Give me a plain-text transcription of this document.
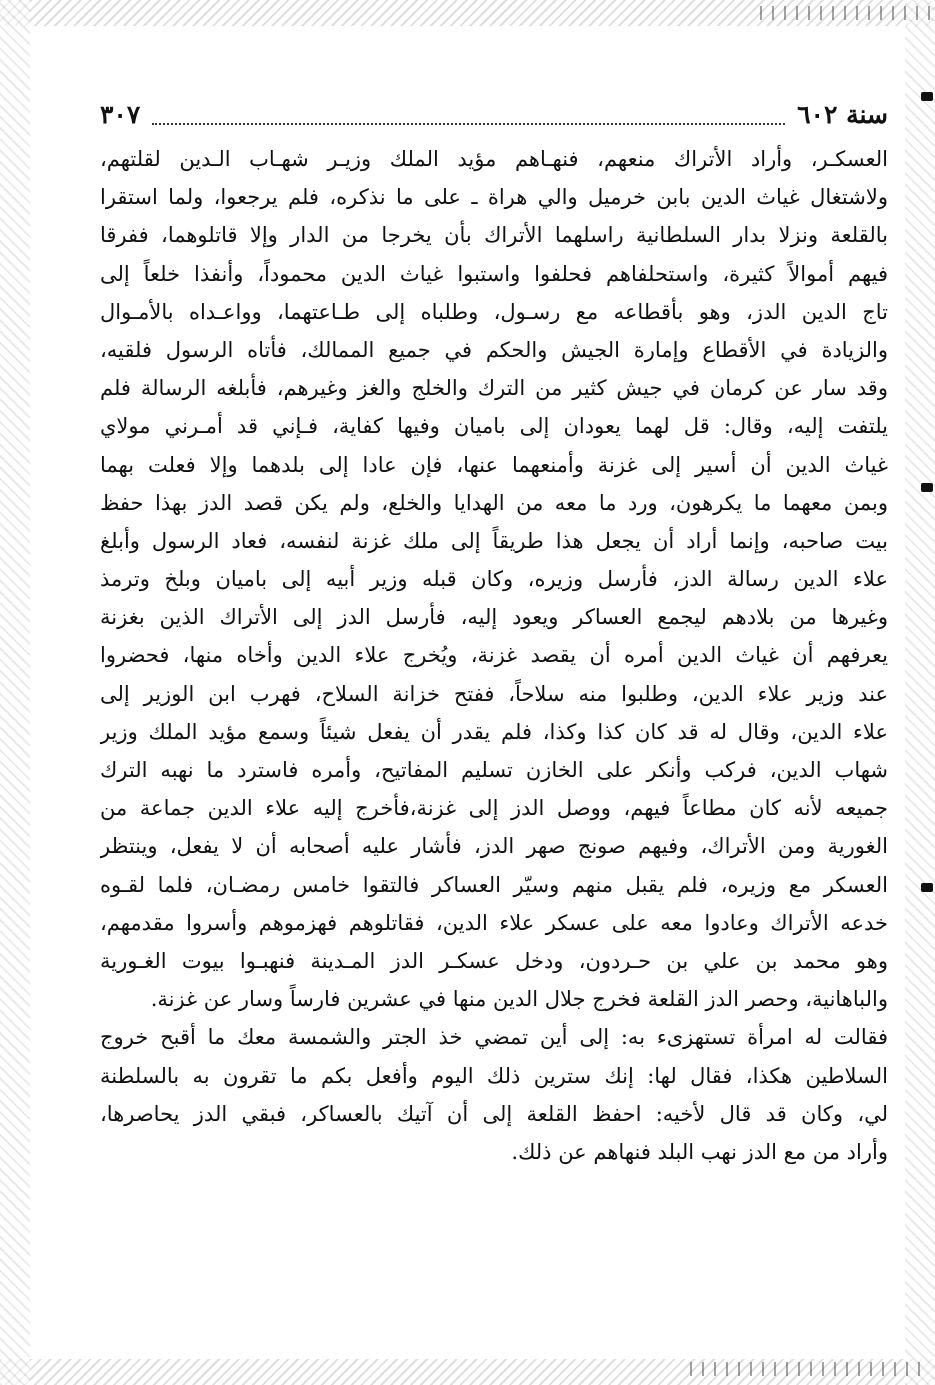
سنة ٦٠٢
٣٠٧
العسكـر، وأراد الأتراك منعهم، فنهـاهم مؤيد الملك وزيـر شهـاب الـدين لقلتهم،
ولاشتغال غياث الدين بابن خرميل والي هراة ـ على ما نذكره، فلم يرجعوا، ولما استقرا
بالقلعة ونزلا بدار السلطانية راسلهما الأتراك بأن يخرجا من الدار وإلا قاتلوهما، ففرقا
فيهم أموالاً كثيرة، واستحلفاهم فحلفوا واستبوا غياث الدين محموداً، وأنفذا خلعاً إلى
تاج الدين الدز، وهو بأقطاعه مع رسـول، وطلباه إلى طـاعتهما، وواعـداه بالأمـوال
والزيادة في الأقطاع وإمارة الجيش والحكم في جميع الممالك، فأتاه الرسول فلقيه،
وقد سار عن كرمان في جيش كثير من الترك والخلج والغز وغيرهم، فأبلغه الرسالة فلم
يلتفت إليه، وقال: قل لهما يعودان إلى باميان وفيها كفاية، فـإني قد أمـرني مولاي
غياث الدين أن أسير إلى غزنة وأمنعهما عنها، فإن عادا إلى بلدهما وإلا فعلت بهما
وبمن معهما ما يكرهون، ورد ما معه من الهدايا والخلع، ولم يكن قصد الدز بهذا حفظ
بيت صاحبه، وإنما أراد أن يجعل هذا طريقاً إلى ملك غزنة لنفسه، فعاد الرسول وأبلغ
علاء الدين رسالة الدز، فأرسل وزيره، وكان قبله وزير أبيه إلى باميان وبلخ وترمذ
وغيرها من بلادهم ليجمع العساكر ويعود إليه، فأرسل الدز إلى الأتراك الذين بغزنة
يعرفهم أن غياث الدين أمره أن يقصد غزنة، ويُخرج علاء الدين وأخاه منها، فحضروا
عند وزير علاء الدين، وطلبوا منه سلاحاً، ففتح خزانة السلاح، فهرب ابن الوزير إلى
علاء الدين، وقال له قد كان كذا وكذا، فلم يقدر أن يفعل شيئاً وسمع مؤيد الملك وزير
شهاب الدين، فركب وأنكر على الخازن تسليم المفاتيح، وأمره فاسترد ما نهبه الترك
جميعه لأنه كان مطاعاً فيهم، ووصل الدز إلى غزنة،فأخرج إليه علاء الدين جماعة من
الغورية ومن الأتراك، وفيهم صونج صهر الدز، فأشار عليه أصحابه أن لا يفعل، وينتظر
العسكر مع وزيره، فلم يقبل منهم وسيّر العساكر فالتقوا خامس رمضـان، فلما لقـوه
خدعه الأتراك وعادوا معه على عسكر علاء الدين، فقاتلوهم فهزموهم وأسروا مقدمهم،
وهو محمد بن علي بن حـردون، ودخل عسكـر الدز المـدينة فنهبـوا بيوت الغـورية
والباهانية، وحصر الدز القلعة فخرج جلال الدين منها في عشرين فارساً وسار عن غزنة.
فقالت له امرأة تستهزىء به: إلى أين تمضي خذ الجتر والشمسة معك ما أقبح خروج
السلاطين هكذا، فقال لها: إنك سترين ذلك اليوم وأفعل بكم ما تقرون به بالسلطنة
لي، وكان قد قال لأخيه: احفظ القلعة إلى أن آتيك بالعساكر، فبقي الدز يحاصرها،
وأراد من مع الدز نهب البلد فنهاهم عن ذلك.
